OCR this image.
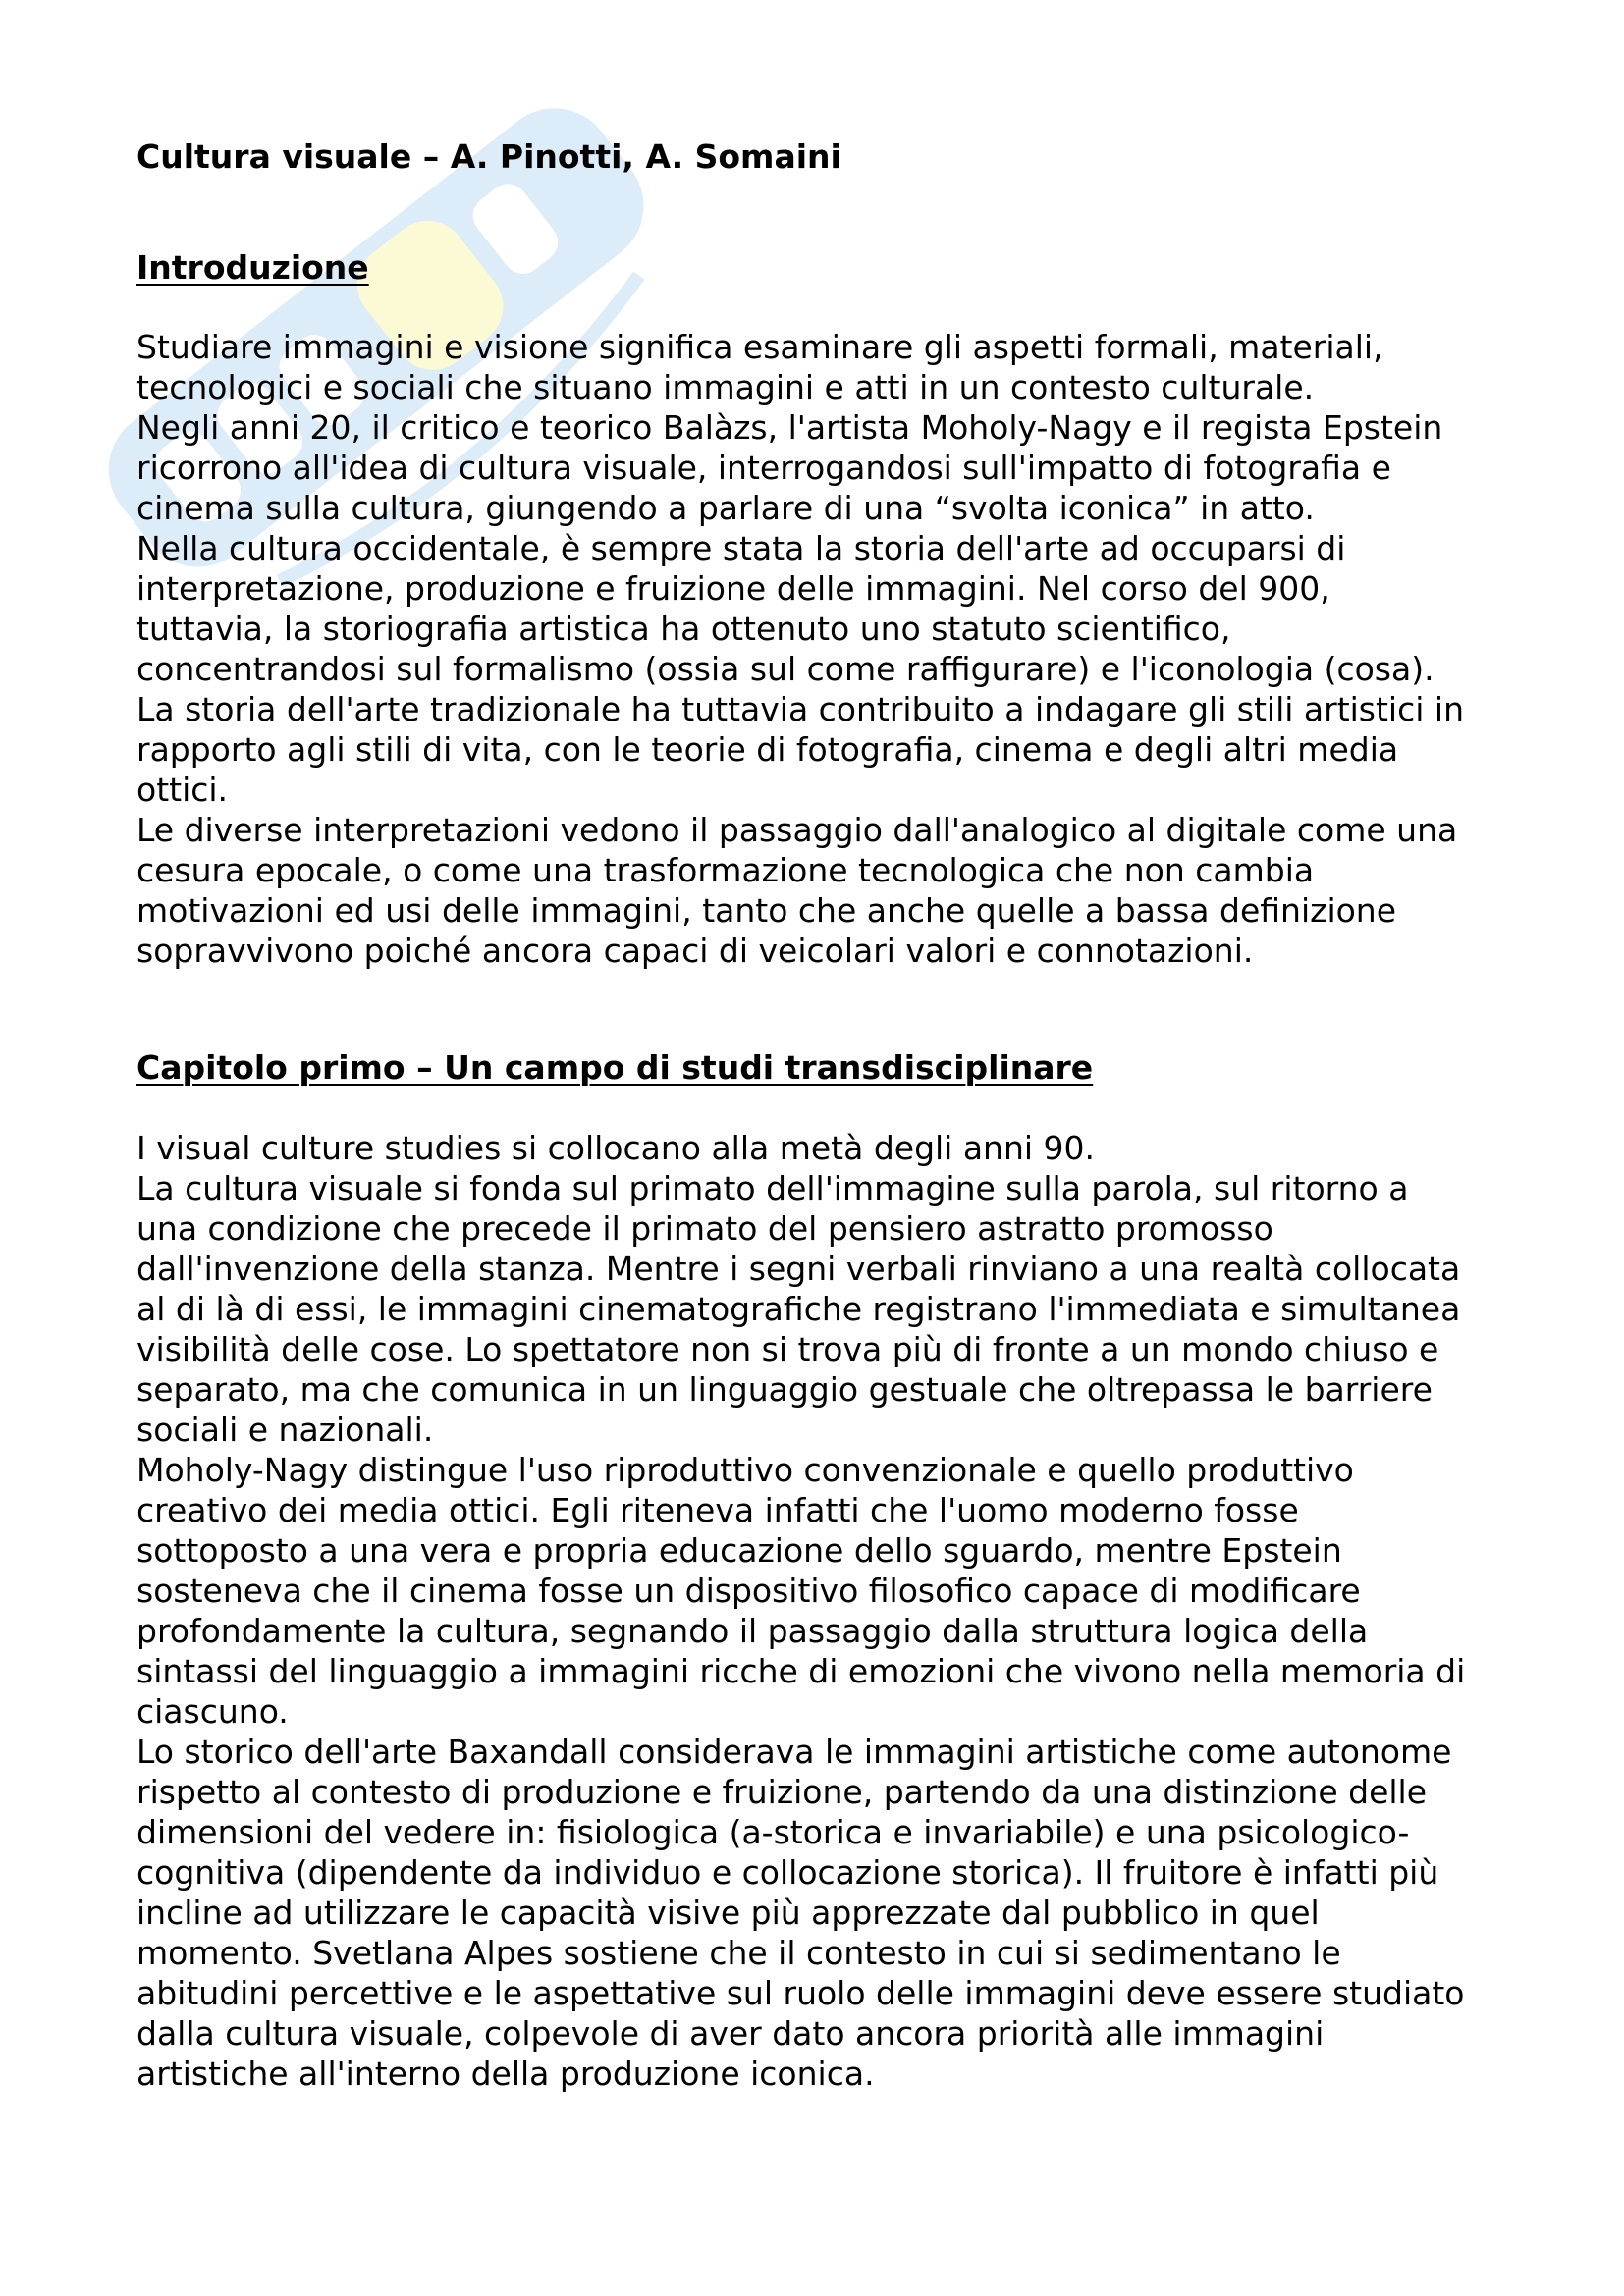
Cultura visuale – A. Pinotti, A. Somaini
Introduzione
Studiare immagini e visione significa esaminare gli aspetti formali, materiali,
tecnologici e sociali che situano immagini e atti in un contesto culturale.
Negli anni 20, il critico e teorico Balàzs, l'artista Moholy-Nagy e il regista Epstein
ricorrono all'idea di cultura visuale, interrogandosi sull'impatto di fotografia e
cinema sulla cultura, giungendo a parlare di una “svolta iconica” in atto.
Nella cultura occidentale, è sempre stata la storia dell'arte ad occuparsi di
interpretazione, produzione e fruizione delle immagini. Nel corso del 900,
tuttavia, la storiografia artistica ha ottenuto uno statuto scientifico,
concentrandosi sul formalismo (ossia sul come raffigurare) e l'iconologia (cosa).
La storia dell'arte tradizionale ha tuttavia contribuito a indagare gli stili artistici in
rapporto agli stili di vita, con le teorie di fotografia, cinema e degli altri media
ottici.
Le diverse interpretazioni vedono il passaggio dall'analogico al digitale come una
cesura epocale, o come una trasformazione tecnologica che non cambia
motivazioni ed usi delle immagini, tanto che anche quelle a bassa definizione
sopravvivono poiché ancora capaci di veicolari valori e connotazioni.
Capitolo primo – Un campo di studi transdisciplinare
I visual culture studies si collocano alla metà degli anni 90.
La cultura visuale si fonda sul primato dell'immagine sulla parola, sul ritorno a
una condizione che precede il primato del pensiero astratto promosso
dall'invenzione della stanza. Mentre i segni verbali rinviano a una realtà collocata
al di là di essi, le immagini cinematografiche registrano l'immediata e simultanea
visibilità delle cose. Lo spettatore non si trova più di fronte a un mondo chiuso e
separato, ma che comunica in un linguaggio gestuale che oltrepassa le barriere
sociali e nazionali.
Moholy-Nagy distingue l'uso riproduttivo convenzionale e quello produttivo
creativo dei media ottici. Egli riteneva infatti che l'uomo moderno fosse
sottoposto a una vera e propria educazione dello sguardo, mentre Epstein
sosteneva che il cinema fosse un dispositivo filosofico capace di modificare
profondamente la cultura, segnando il passaggio dalla struttura logica della
sintassi del linguaggio a immagini ricche di emozioni che vivono nella memoria di
ciascuno.
Lo storico dell'arte Baxandall considerava le immagini artistiche come autonome
rispetto al contesto di produzione e fruizione, partendo da una distinzione delle
dimensioni del vedere in: fisiologica (a-storica e invariabile) e una psicologico-
cognitiva (dipendente da individuo e collocazione storica). Il fruitore è infatti più
incline ad utilizzare le capacità visive più apprezzate dal pubblico in quel
momento. Svetlana Alpes sostiene che il contesto in cui si sedimentano le
abitudini percettive e le aspettative sul ruolo delle immagini deve essere studiato
dalla cultura visuale, colpevole di aver dato ancora priorità alle immagini
artistiche all'interno della produzione iconica.
